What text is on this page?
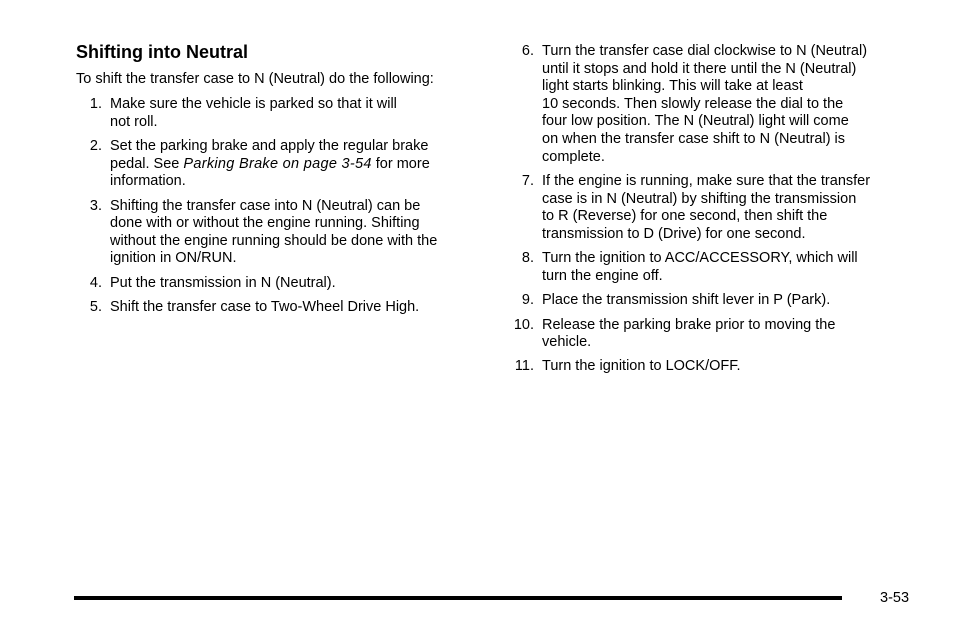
Shifting into Neutral

To shift the transfer case to N (Neutral) do the following:

1. Make sure the vehicle is parked so that it will
not roll.
2. Set the parking brake and apply the regular brake
pedal. See Parking Brake on page 3-54 for more
information.
3. Shifting the transfer case into N (Neutral) can be
done with or without the engine running. Shifting
without the engine running should be done with the
ignition in ON/RUN.
4. Put the transmission in N (Neutral).
5. Shift the transfer case to Two-Wheel Drive High.
6. Turn the transfer case dial clockwise to N (Neutral)
until it stops and hold it there until the N (Neutral)
light starts blinking. This will take at least
10 seconds. Then slowly release the dial to the
four low position. The N (Neutral) light will come
on when the transfer case shift to N (Neutral) is
complete.
7. If the engine is running, make sure that the transfer
case is in N (Neutral) by shifting the transmission
to R (Reverse) for one second, then shift the
transmission to D (Drive) for one second.
8. Turn the ignition to ACC/ACCESSORY, which will
turn the engine off.
9. Place the transmission shift lever in P (Park).
10. Release the parking brake prior to moving the
vehicle.
11. Turn the ignition to LOCK/OFF.
3-53
